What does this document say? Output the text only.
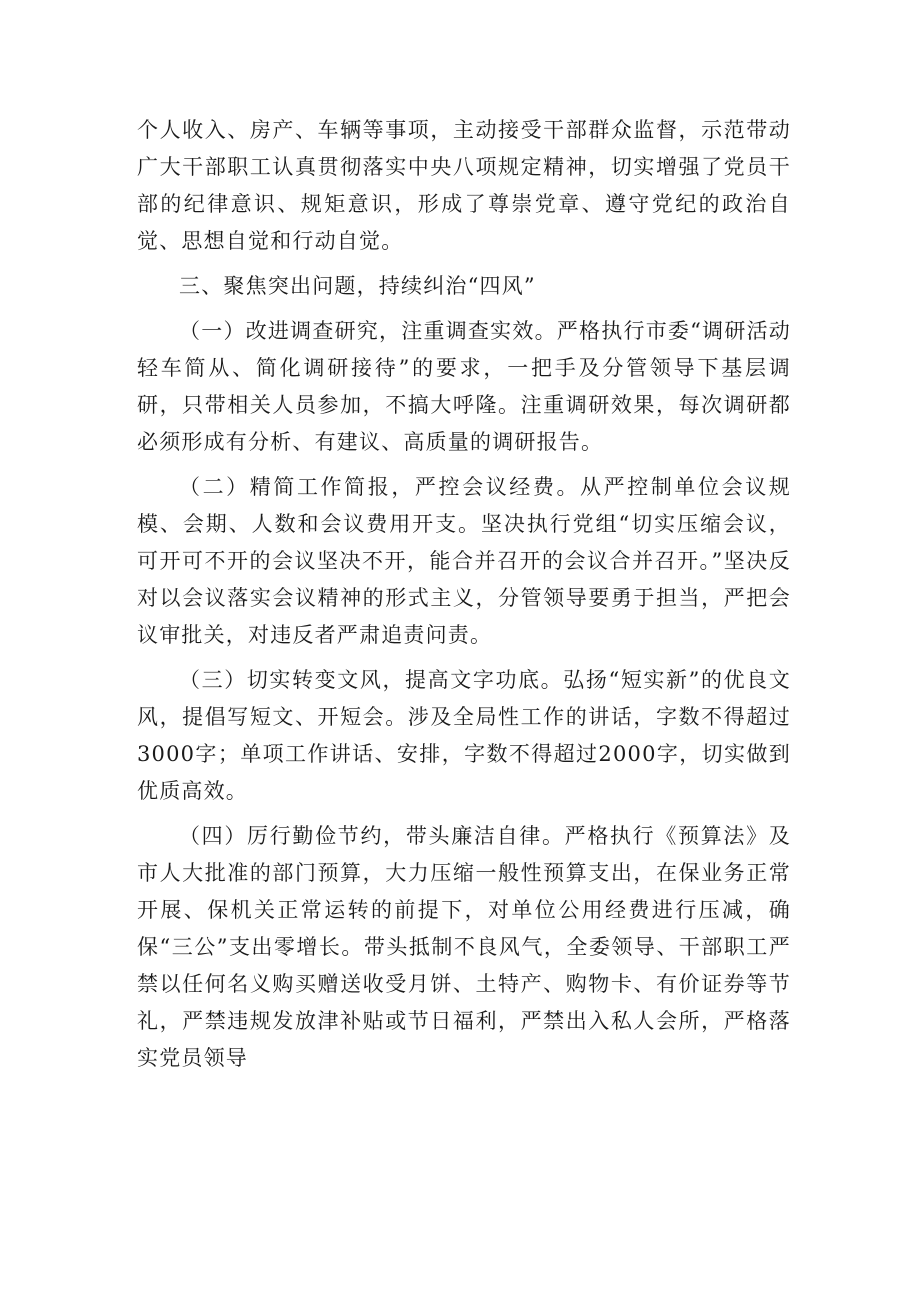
个人收入、房产、车辆等事项，主动接受干部群众监督，示范带动广大干部职工认真贯彻落实中央八项规定精神，切实增强了党员干部的纪律意识、规矩意识，形成了尊崇党章、遵守党纪的政治自觉、思想自觉和行动自觉。

三、聚焦突出问题，持续纠治“四风”

（一）改进调查研究，注重调查实效。严格执行市委“调研活动轻车简从、简化调研接待”的要求，一把手及分管领导下基层调研，只带相关人员参加，不搞大呼隆。注重调研效果，每次调研都必须形成有分析、有建议、高质量的调研报告。

（二）精简工作简报，严控会议经费。从严控制单位会议规模、会期、人数和会议费用开支。坚决执行党组“切实压缩会议，可开可不开的会议坚决不开，能合并召开的会议合并召开。”坚决反对以会议落实会议精神的形式主义，分管领导要勇于担当，严把会议审批关，对违反者严肃追责问责。

（三）切实转变文风，提高文字功底。弘扬“短实新”的优良文风，提倡写短文、开短会。涉及全局性工作的讲话，字数不得超过3000字；单项工作讲话、安排，字数不得超过2000字，切实做到优质高效。

（四）厉行勤俭节约，带头廉洁自律。严格执行《预算法》及市人大批准的部门预算，大力压缩一般性预算支出，在保业务正常开展、保机关正常运转的前提下，对单位公用经费进行压减，确保“三公”支出零增长。带头抵制不良风气，全委领导、干部职工严禁以任何名义购买赠送收受月饼、土特产、购物卡、有价证券等节礼，严禁违规发放津补贴或节日福利，严禁出入私人会所，严格落实党员领导
